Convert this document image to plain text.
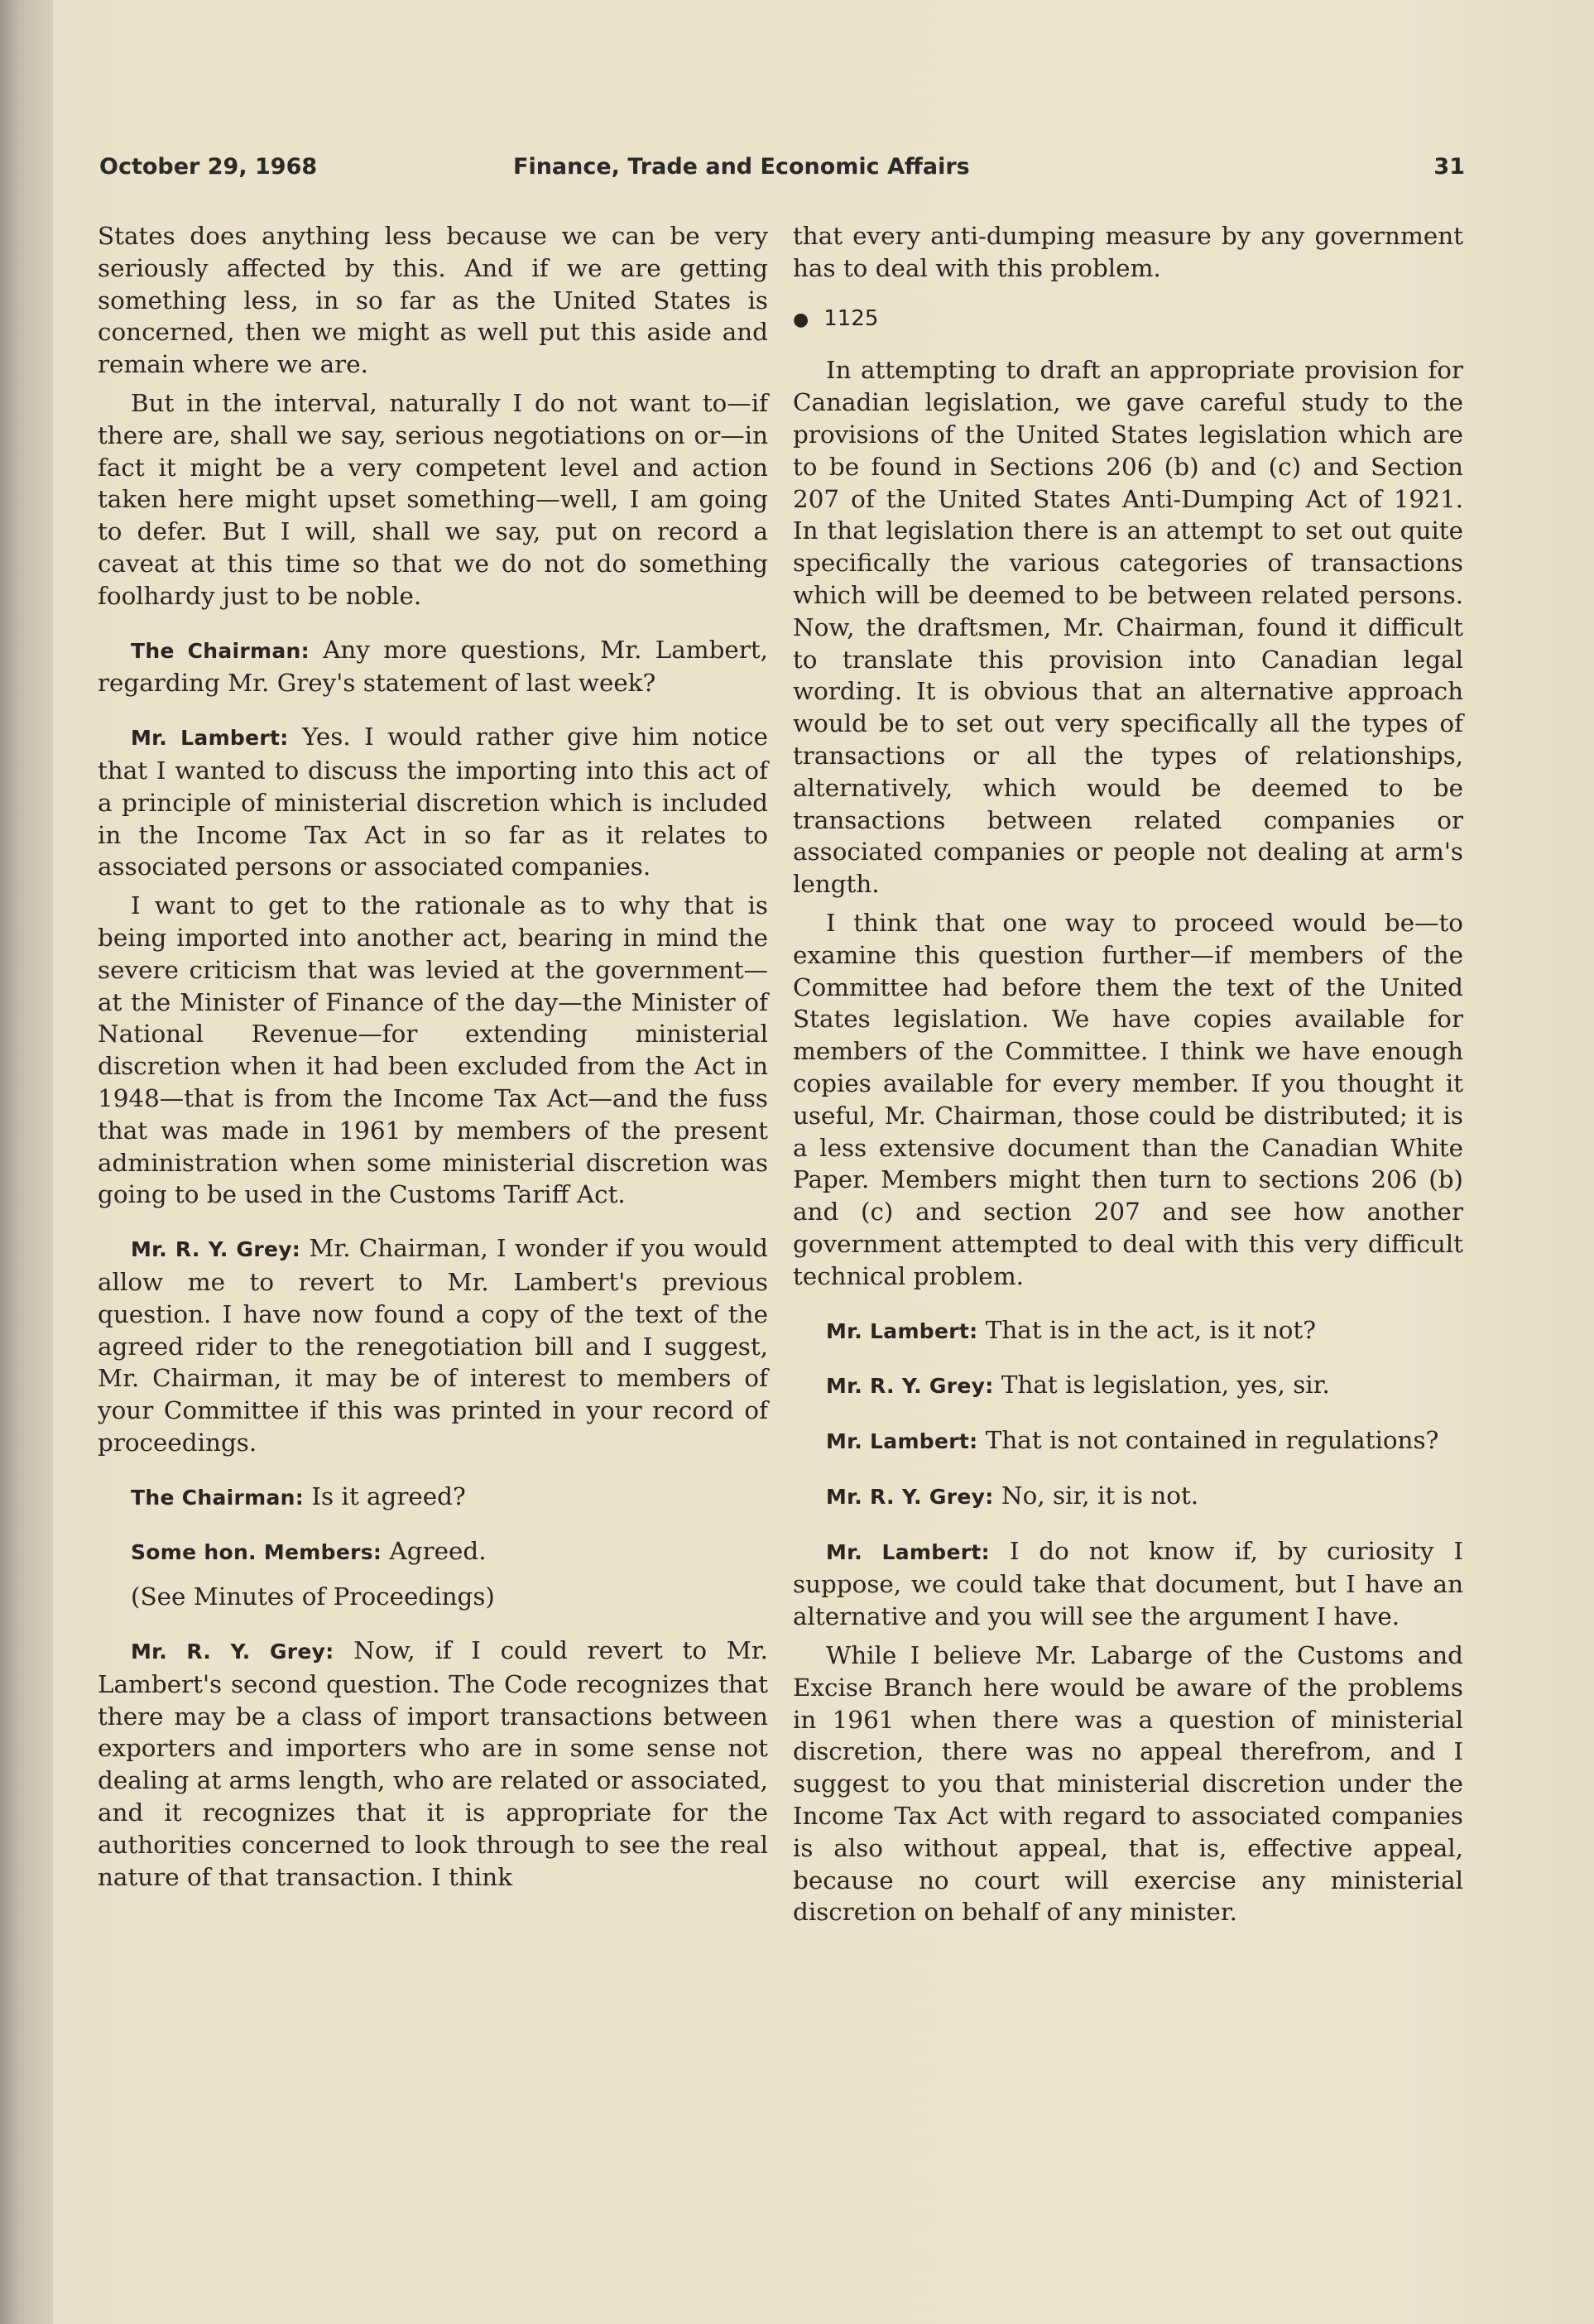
October 29, 1968	Finance, Trade and Economic Affairs	31

States does anything less because we can be very seriously affected by this. And if we are getting something less, in so far as the United States is concerned, then we might as well put this aside and remain where we are.

But in the interval, naturally I do not want to—if there are, shall we say, serious negotiations on or—in fact it might be a very competent level and action taken here might upset something—well, I am going to defer. But I will, shall we say, put on record a caveat at this time so that we do not do something foolhardy just to be noble.

The Chairman: Any more questions, Mr. Lambert, regarding Mr. Grey's statement of last week?

Mr. Lambert: Yes. I would rather give him notice that I wanted to discuss the importing into this act of a principle of ministerial discretion which is included in the Income Tax Act in so far as it relates to associated persons or associated companies.

I want to get to the rationale as to why that is being imported into another act, bearing in mind the severe criticism that was levied at the government—at the Minister of Finance of the day—the Minister of National Revenue—for extending ministerial discretion when it had been excluded from the Act in 1948—that is from the Income Tax Act—and the fuss that was made in 1961 by members of the present administration when some ministerial discretion was going to be used in the Customs Tariff Act.

Mr. R. Y. Grey: Mr. Chairman, I wonder if you would allow me to revert to Mr. Lambert's previous question. I have now found a copy of the text of the agreed rider to the renegotiation bill and I suggest, Mr. Chairman, it may be of interest to members of your Committee if this was printed in your record of proceedings.

The Chairman: Is it agreed?

Some hon. Members: Agreed.

(See Minutes of Proceedings)

Mr. R. Y. Grey: Now, if I could revert to Mr. Lambert's second question. The Code recognizes that there may be a class of import transactions between exporters and importers who are in some sense not dealing at arms length, who are related or associated, and it recognizes that it is appropriate for the authorities concerned to look through to see the real nature of that transaction. I think

that every anti-dumping measure by any government has to deal with this problem.

● 1125

In attempting to draft an appropriate provision for Canadian legislation, we gave careful study to the provisions of the United States legislation which are to be found in Sections 206 (b) and (c) and Section 207 of the United States Anti-Dumping Act of 1921. In that legislation there is an attempt to set out quite specifically the various categories of transactions which will be deemed to be between related persons. Now, the draftsmen, Mr. Chairman, found it difficult to translate this provision into Canadian legal wording. It is obvious that an alternative approach would be to set out very specifically all the types of transactions or all the types of relationships, alternatively, which would be deemed to be transactions between related companies or associated companies or people not dealing at arm's length.

I think that one way to proceed would be—to examine this question further—if members of the Committee had before them the text of the United States legislation. We have copies available for members of the Committee. I think we have enough copies available for every member. If you thought it useful, Mr. Chairman, those could be distributed; it is a less extensive document than the Canadian White Paper. Members might then turn to sections 206 (b) and (c) and section 207 and see how another government attempted to deal with this very difficult technical problem.

Mr. Lambert: That is in the act, is it not?

Mr. R. Y. Grey: That is legislation, yes, sir.

Mr. Lambert: That is not contained in regulations?

Mr. R. Y. Grey: No, sir, it is not.

Mr. Lambert: I do not know if, by curiosity I suppose, we could take that document, but I have an alternative and you will see the argument I have.

While I believe Mr. Labarge of the Customs and Excise Branch here would be aware of the problems in 1961 when there was a question of ministerial discretion, there was no appeal therefrom, and I suggest to you that ministerial discretion under the Income Tax Act with regard to associated companies is also without appeal, that is, effective appeal, because no court will exercise any ministerial discretion on behalf of any minister.
